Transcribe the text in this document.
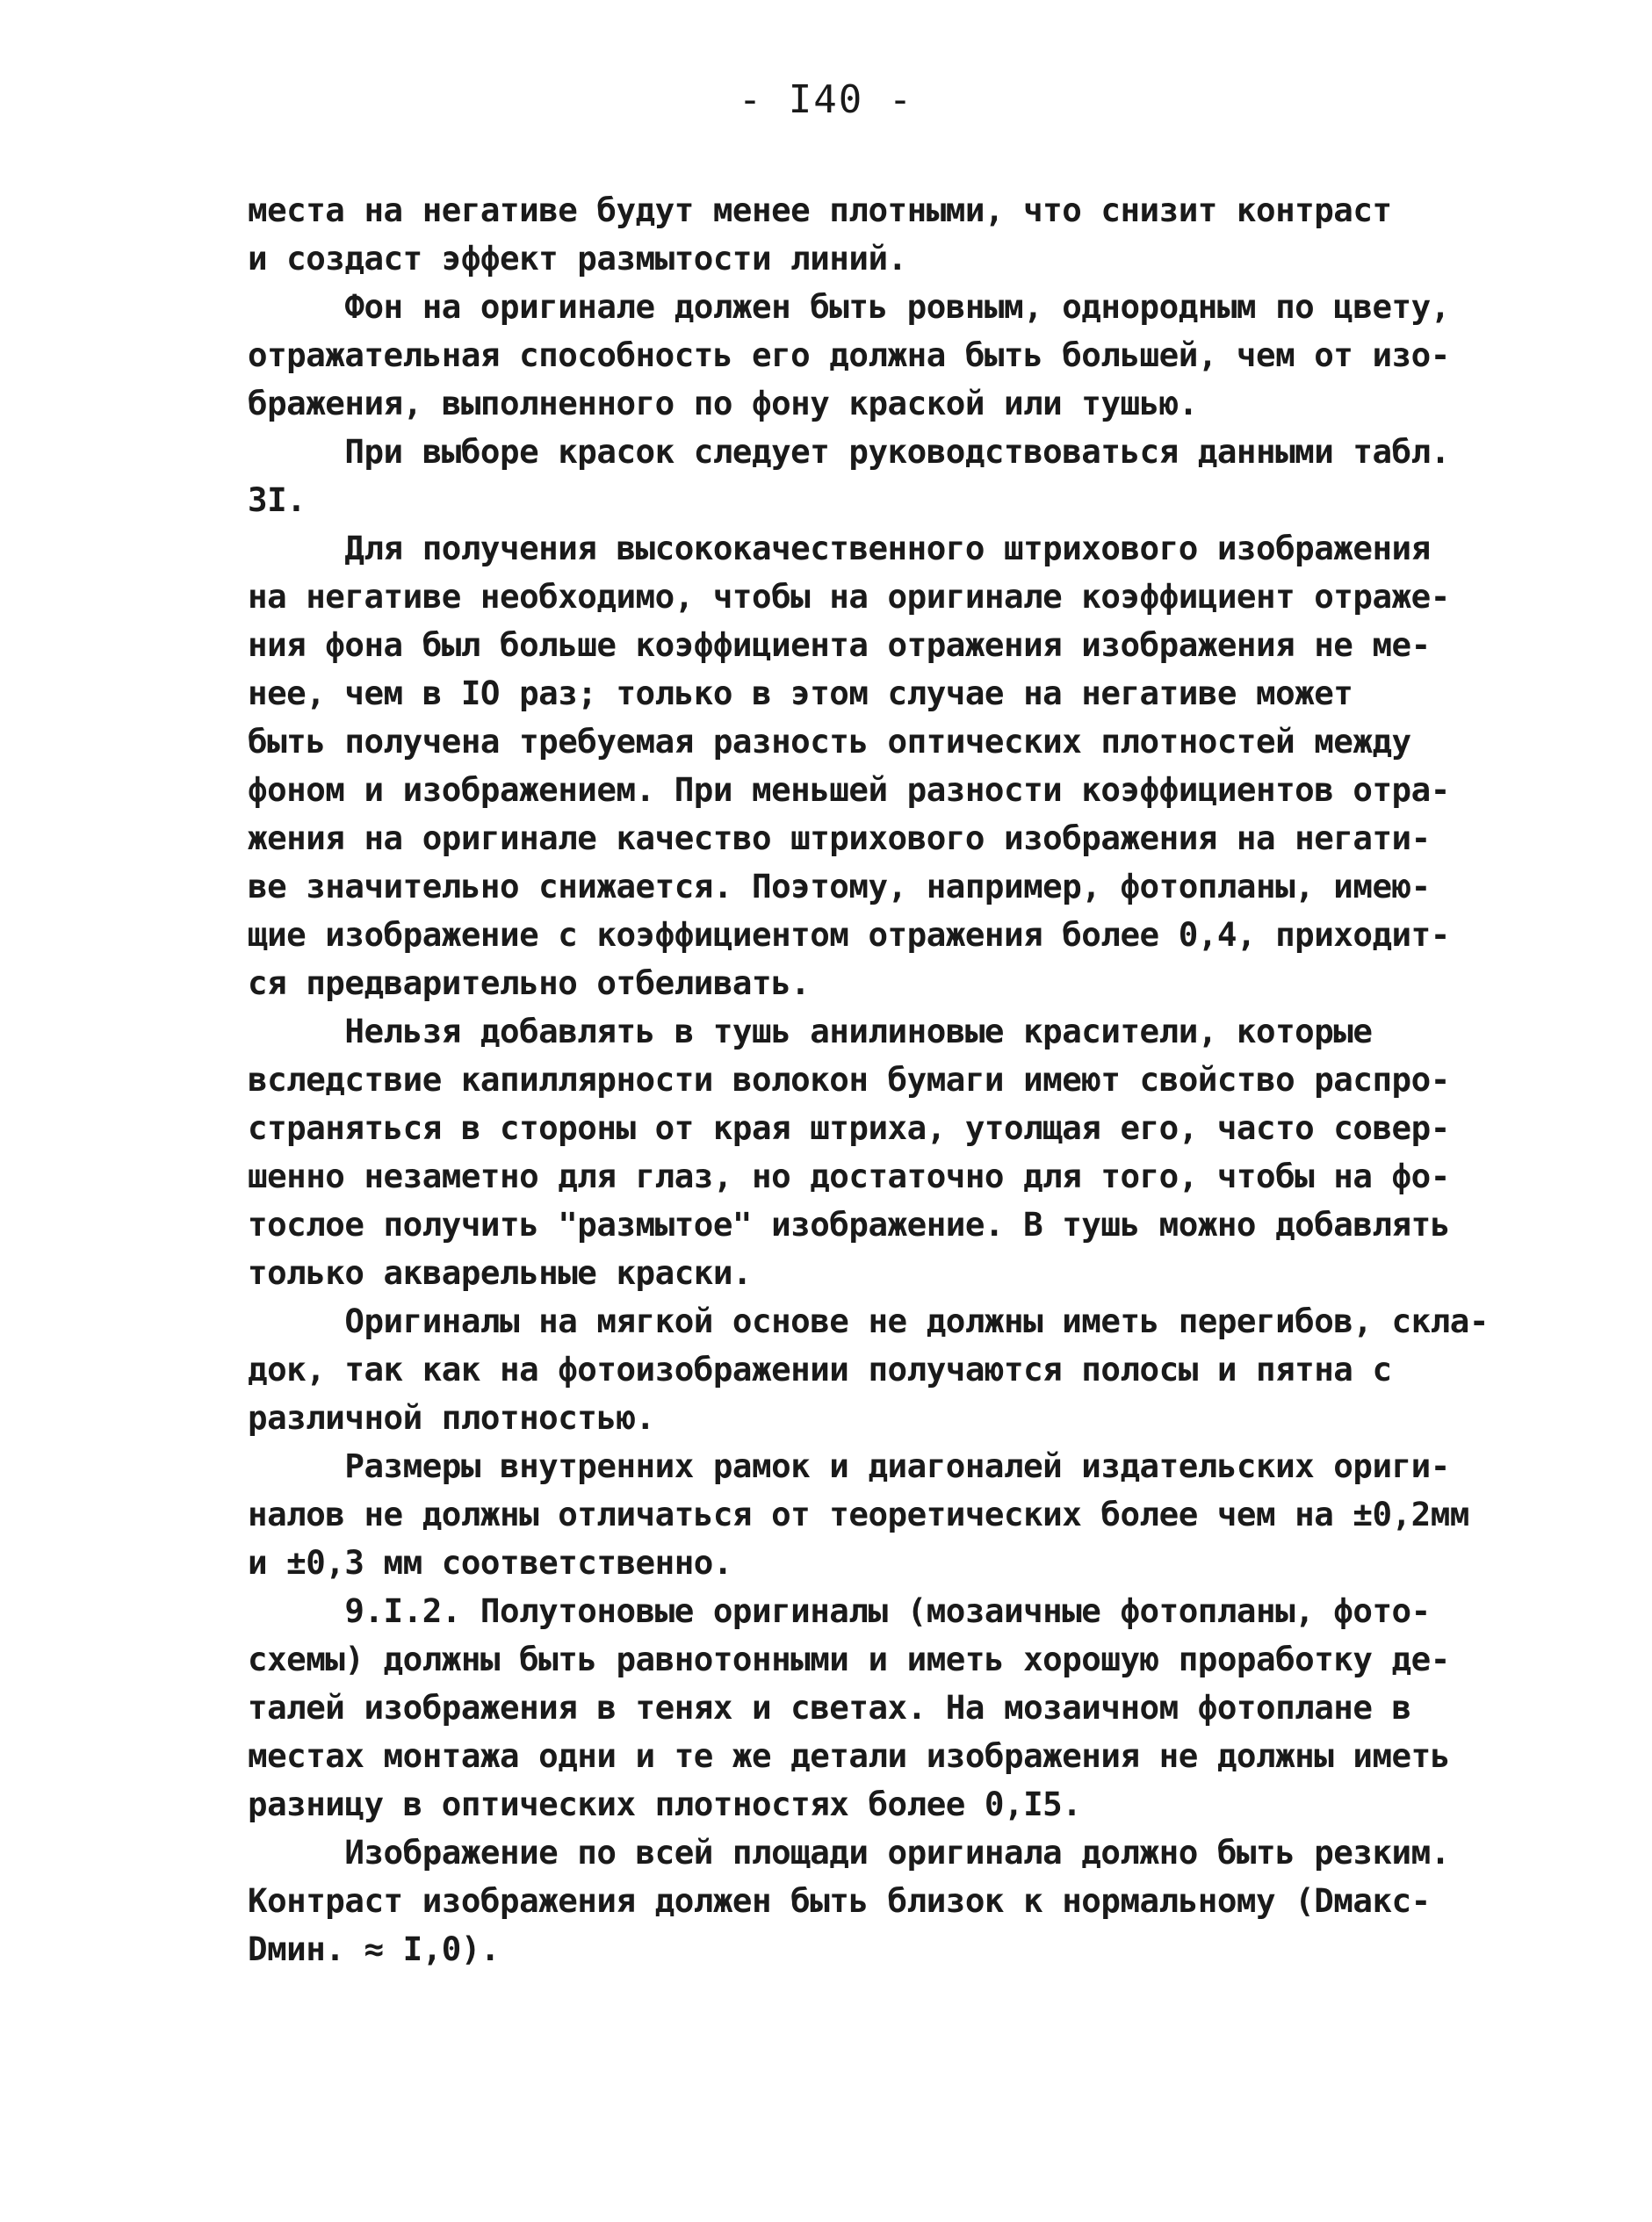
- I40 -
места на негативе будут менее плотными, что снизит контраст
и создаст эффект размытости линий.
Фон на оригинале должен быть ровным, однородным по цвету,
отражательная способность его должна быть большей, чем от изо-
бражения, выполненного по фону краской или тушью.
При выборе красок следует руководствоваться данными табл.
3I.
Для получения высококачественного штрихового изображения
на негативе необходимо, чтобы на оригинале коэффициент отраже-
ния фона был больше коэффициента отражения изображения не ме-
нее, чем в IO раз; только в этом случае на негативе может
быть получена требуемая разность оптических плотностей между
фоном и изображением. При меньшей разности коэффициентов отра-
жения на оригинале качество штрихового изображения на негати-
ве значительно снижается. Поэтому, например, фотопланы, имею-
щие изображение с коэффициентом отражения более 0,4, приходит-
ся предварительно отбеливать.
Нельзя добавлять в тушь анилиновые красители, которые
вследствие капиллярности волокон бумаги имеют свойство распро-
страняться в стороны от края штриха, утолщая его, часто совер-
шенно незаметно для глаз, но достаточно для того, чтобы на фо-
тослое получить "размытое" изображение. В тушь можно добавлять
только акварельные краски.
Оригиналы на мягкой основе не должны иметь перегибов, скла-
док, так как на фотоизображении получаются полосы и пятна с
различной плотностью.
Размеры внутренних рамок и диагоналей издательских ориги-
налов не должны отличаться от теоретических более чем на ±0,2мм
и ±0,3 мм соответственно.
9.I.2. Полутоновые оригиналы (мозаичные фотопланы, фото-
схемы) должны быть равнотонными и иметь хорошую проработку де-
талей изображения в тенях и светах. На мозаичном фотоплане в
местах монтажа одни и те же детали изображения не должны иметь
разницу в оптических плотностях более 0,I5.
Изображение по всей площади оригинала должно быть резким.
Контраст изображения должен быть близок к нормальному (Dмакс-
Dмин. ≈ I,0).
